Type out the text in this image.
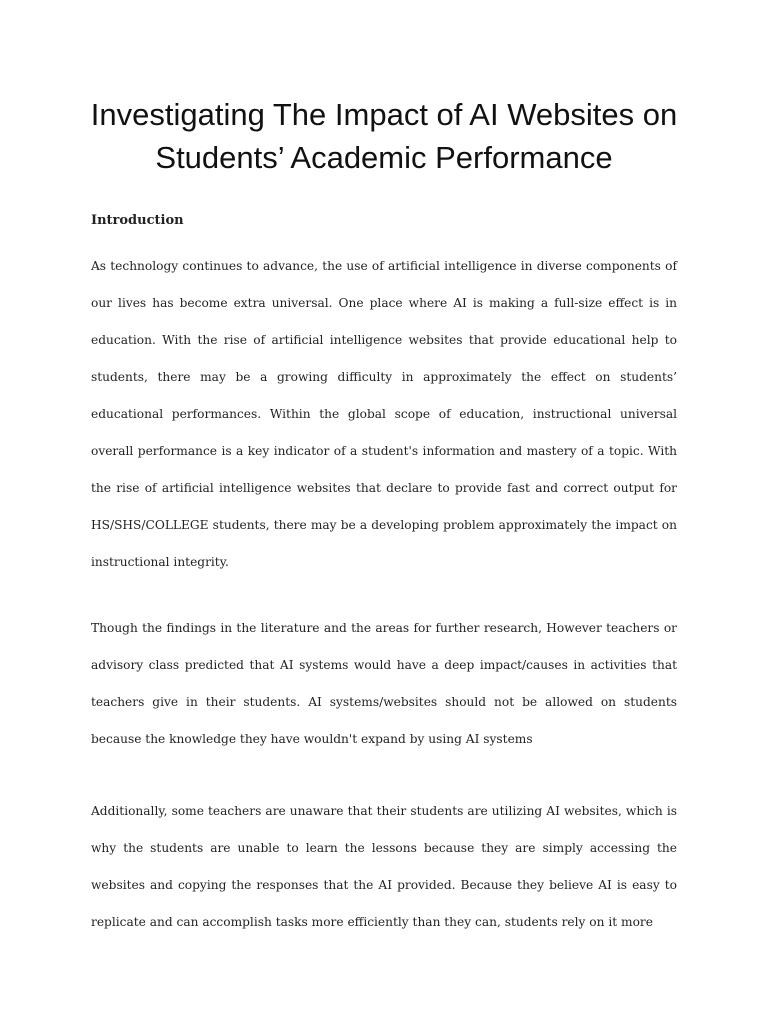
Investigating The Impact of AI Websites on Students’ Academic Performance
Introduction

As technology continues to advance, the use of artificial intelligence in diverse components of our lives has become extra universal. One place where AI is making a full-size effect is in education. With the rise of artificial intelligence websites that provide educational help to students, there may be a growing difficulty in approximately the effect on students’ educational performances. Within the global scope of education, instructional universal overall performance is a key indicator of a student's information and mastery of a topic. With the rise of artificial intelligence websites that declare to provide fast and correct output for HS/SHS/COLLEGE students, there may be a developing problem approximately the impact on instructional integrity.

Though the findings in the literature and the areas for further research, However teachers or advisory class predicted that AI systems would have a deep impact/causes in activities that teachers give in their students. AI systems/websites should not be allowed on students because the knowledge they have wouldn't expand by using AI systems

Additionally, some teachers are unaware that their students are utilizing AI websites, which is why the students are unable to learn the lessons because they are simply accessing the websites and copying the responses that the AI provided. Because they believe AI is easy to replicate and can accomplish tasks more efficiently than they can, students rely on it more
